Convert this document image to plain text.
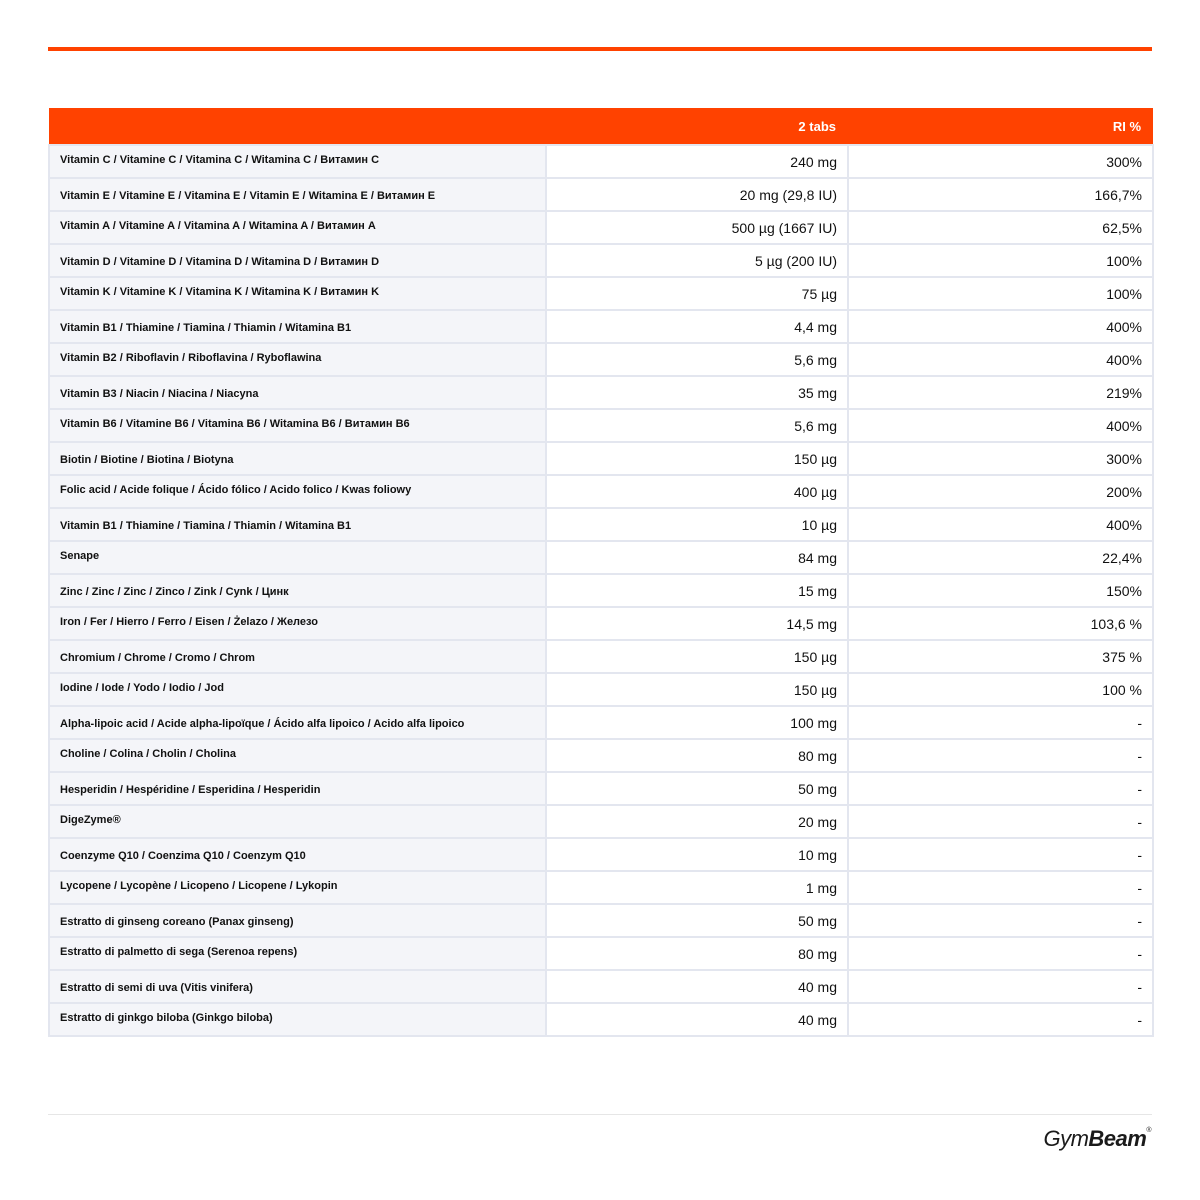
	2 tabs	RI %
Vitamin C / Vitamine C / Vitamina C / Witamina C / Витамин C	240 mg	300%
Vitamin E / Vitamine E / Vitamina E / Vitamin E / Witamina E / Витамин E	20 mg (29,8 IU)	166,7%
Vitamin A / Vitamine A / Vitamina A / Witamina A / Витамин A	500 µg (1667 IU)	62,5%
Vitamin D / Vitamine D / Vitamina D / Witamina D / Витамин D	5 µg (200 IU)	100%
Vitamin K / Vitamine K / Vitamina K / Witamina K / Витамин K	75 µg	100%
Vitamin B1 / Thiamine / Tiamina / Thiamin / Witamina B1	4,4 mg	400%
Vitamin B2 / Riboflavin / Riboflavina / Ryboflawina	5,6 mg	400%
Vitamin B3 / Niacin / Niacina / Niacyna	35 mg	219%
Vitamin B6 / Vitamine B6 / Vitamina B6 / Witamina B6 / Витамин B6	5,6 mg	400%
Biotin / Biotine / Biotina / Biotyna	150 µg	300%
Folic acid / Acide folique / Ácido fólico / Acido folico / Kwas foliowy	400 µg	200%
Vitamin B1 / Thiamine / Tiamina / Thiamin / Witamina B1	10 µg	400%
Senape	84 mg	22,4%
Zinc / Zinc / Zinc / Zinco / Zink / Cynk / Цинк	15 mg	150%
Iron / Fer / Hierro / Ferro / Eisen / Żelazo / Железо	14,5 mg	103,6 %
Chromium / Chrome / Cromo / Chrom	150 µg	375 %
Iodine / Iode / Yodo / Iodio / Jod	150 µg	100 %
Alpha-lipoic acid / Acide alpha-lipoïque / Ácido alfa lipoico / Acido alfa lipoico	100 mg	-
Choline / Colina / Cholin / Cholina	80 mg	-
Hesperidin / Hespéridine / Esperidina / Hesperidin	50 mg	-
DigeZyme®	20 mg	-
Coenzyme Q10 / Coenzima Q10 / Coenzym Q10	10 mg	-
Lycopene / Lycopène / Licopeno / Licopene / Lykopin	1 mg	-
Estratto di ginseng coreano (Panax ginseng)	50 mg	-
Estratto di palmetto di sega (Serenoa repens)	80 mg	-
Estratto di semi di uva (Vitis vinifera)	40 mg	-
Estratto di ginkgo biloba (Ginkgo biloba)	40 mg	-
GymBeam®
